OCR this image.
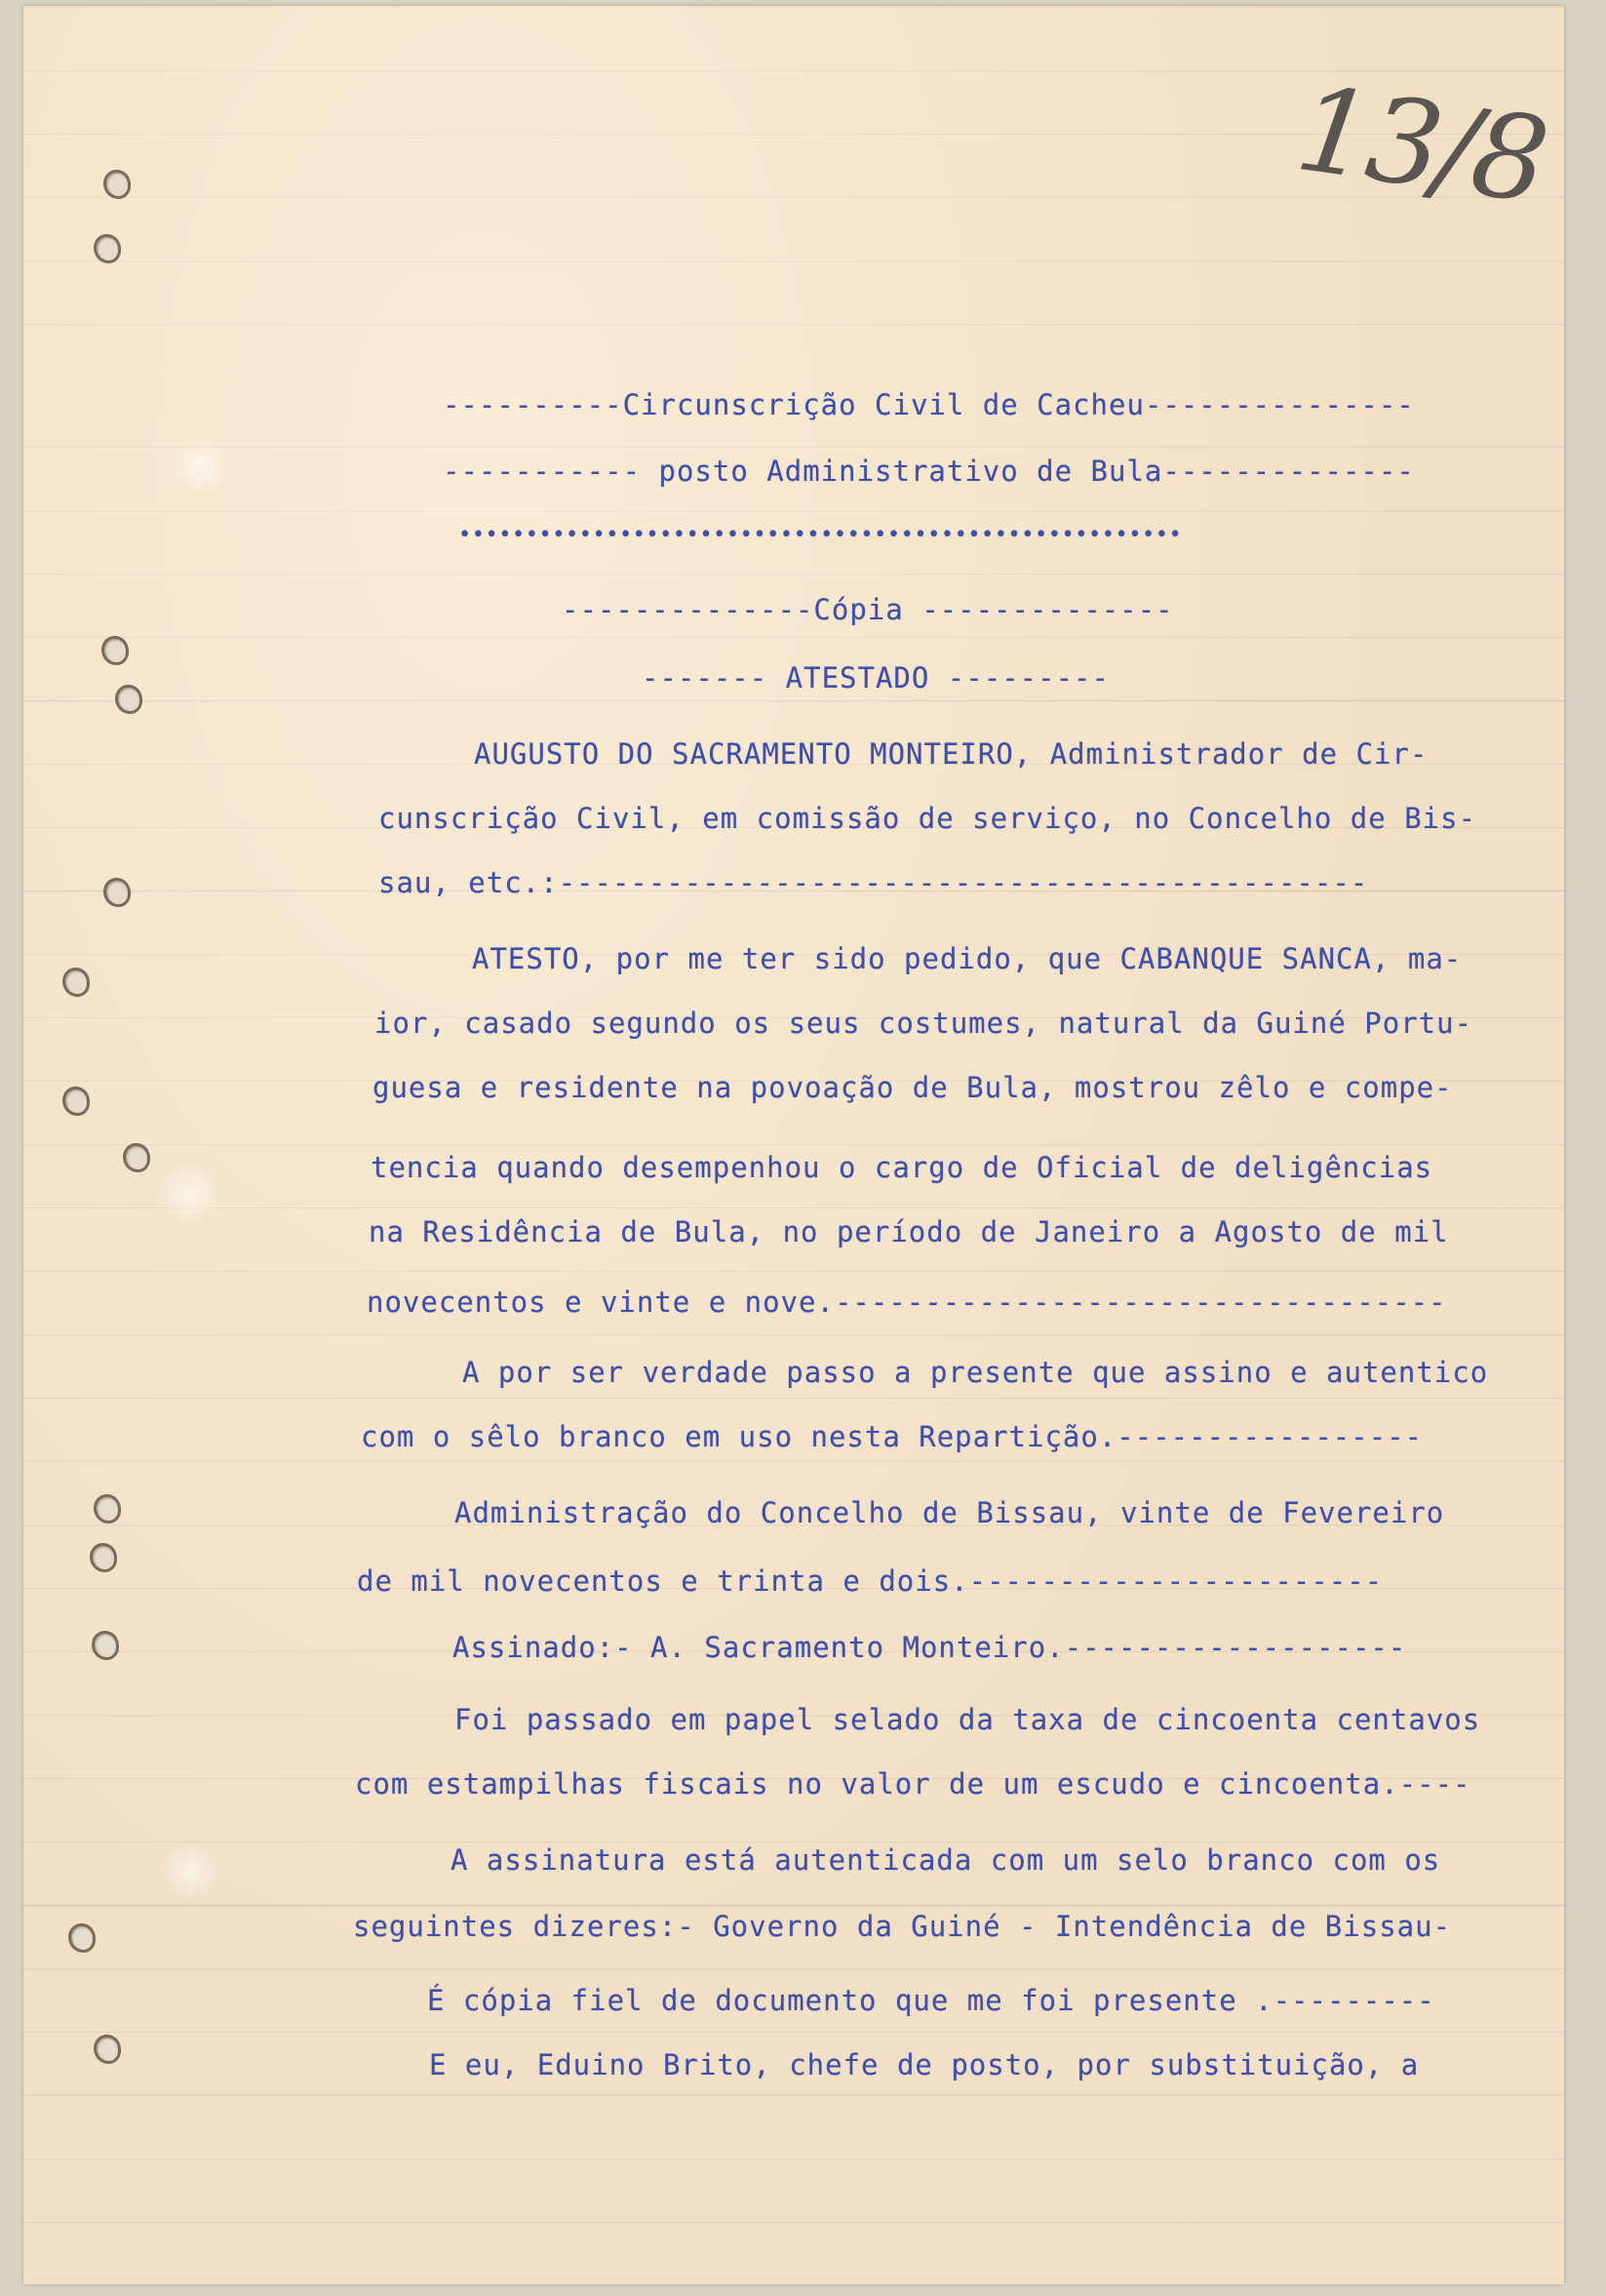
13/8
----------Circunscrição Civil de Cacheu---------------
----------- posto Administrativo de Bula--------------
••••••••••••••••••••••••••••••••••••••••••••••••••••••
--------------Cópia --------------
------- ATESTADO ---------
AUGUSTO DO SACRAMENTO MONTEIRO, Administrador de Cir-
cunscrição Civil, em comissão de serviço, no Concelho de Bis-
sau, etc.:---------------------------------------------
ATESTO, por me ter sido pedido, que CABANQUE SANCA, ma-
ior, casado segundo os seus costumes, natural da Guiné Portu-
guesa e residente na povoação de Bula, mostrou zêlo e compe-
tencia quando desempenhou o cargo de Oficial de deligências
na Residência de Bula, no período de Janeiro a Agosto de mil
novecentos e vinte e nove.----------------------------------
A por ser verdade passo a presente que assino e autentico
com o sêlo branco em uso nesta Repartição.-----------------
Administração do Concelho de Bissau, vinte de Fevereiro
de mil novecentos e trinta e dois.-----------------------
Assinado:- A. Sacramento Monteiro.-------------------
Foi passado em papel selado da taxa de cincoenta centavos
com estampilhas fiscais no valor de um escudo e cincoenta.----
A assinatura está autenticada com um selo branco com os
seguintes dizeres:- Governo da Guiné - Intendência de Bissau-
É cópia fiel de documento que me foi presente .---------
E eu, Eduino Brito, chefe de posto, por substituição, a
